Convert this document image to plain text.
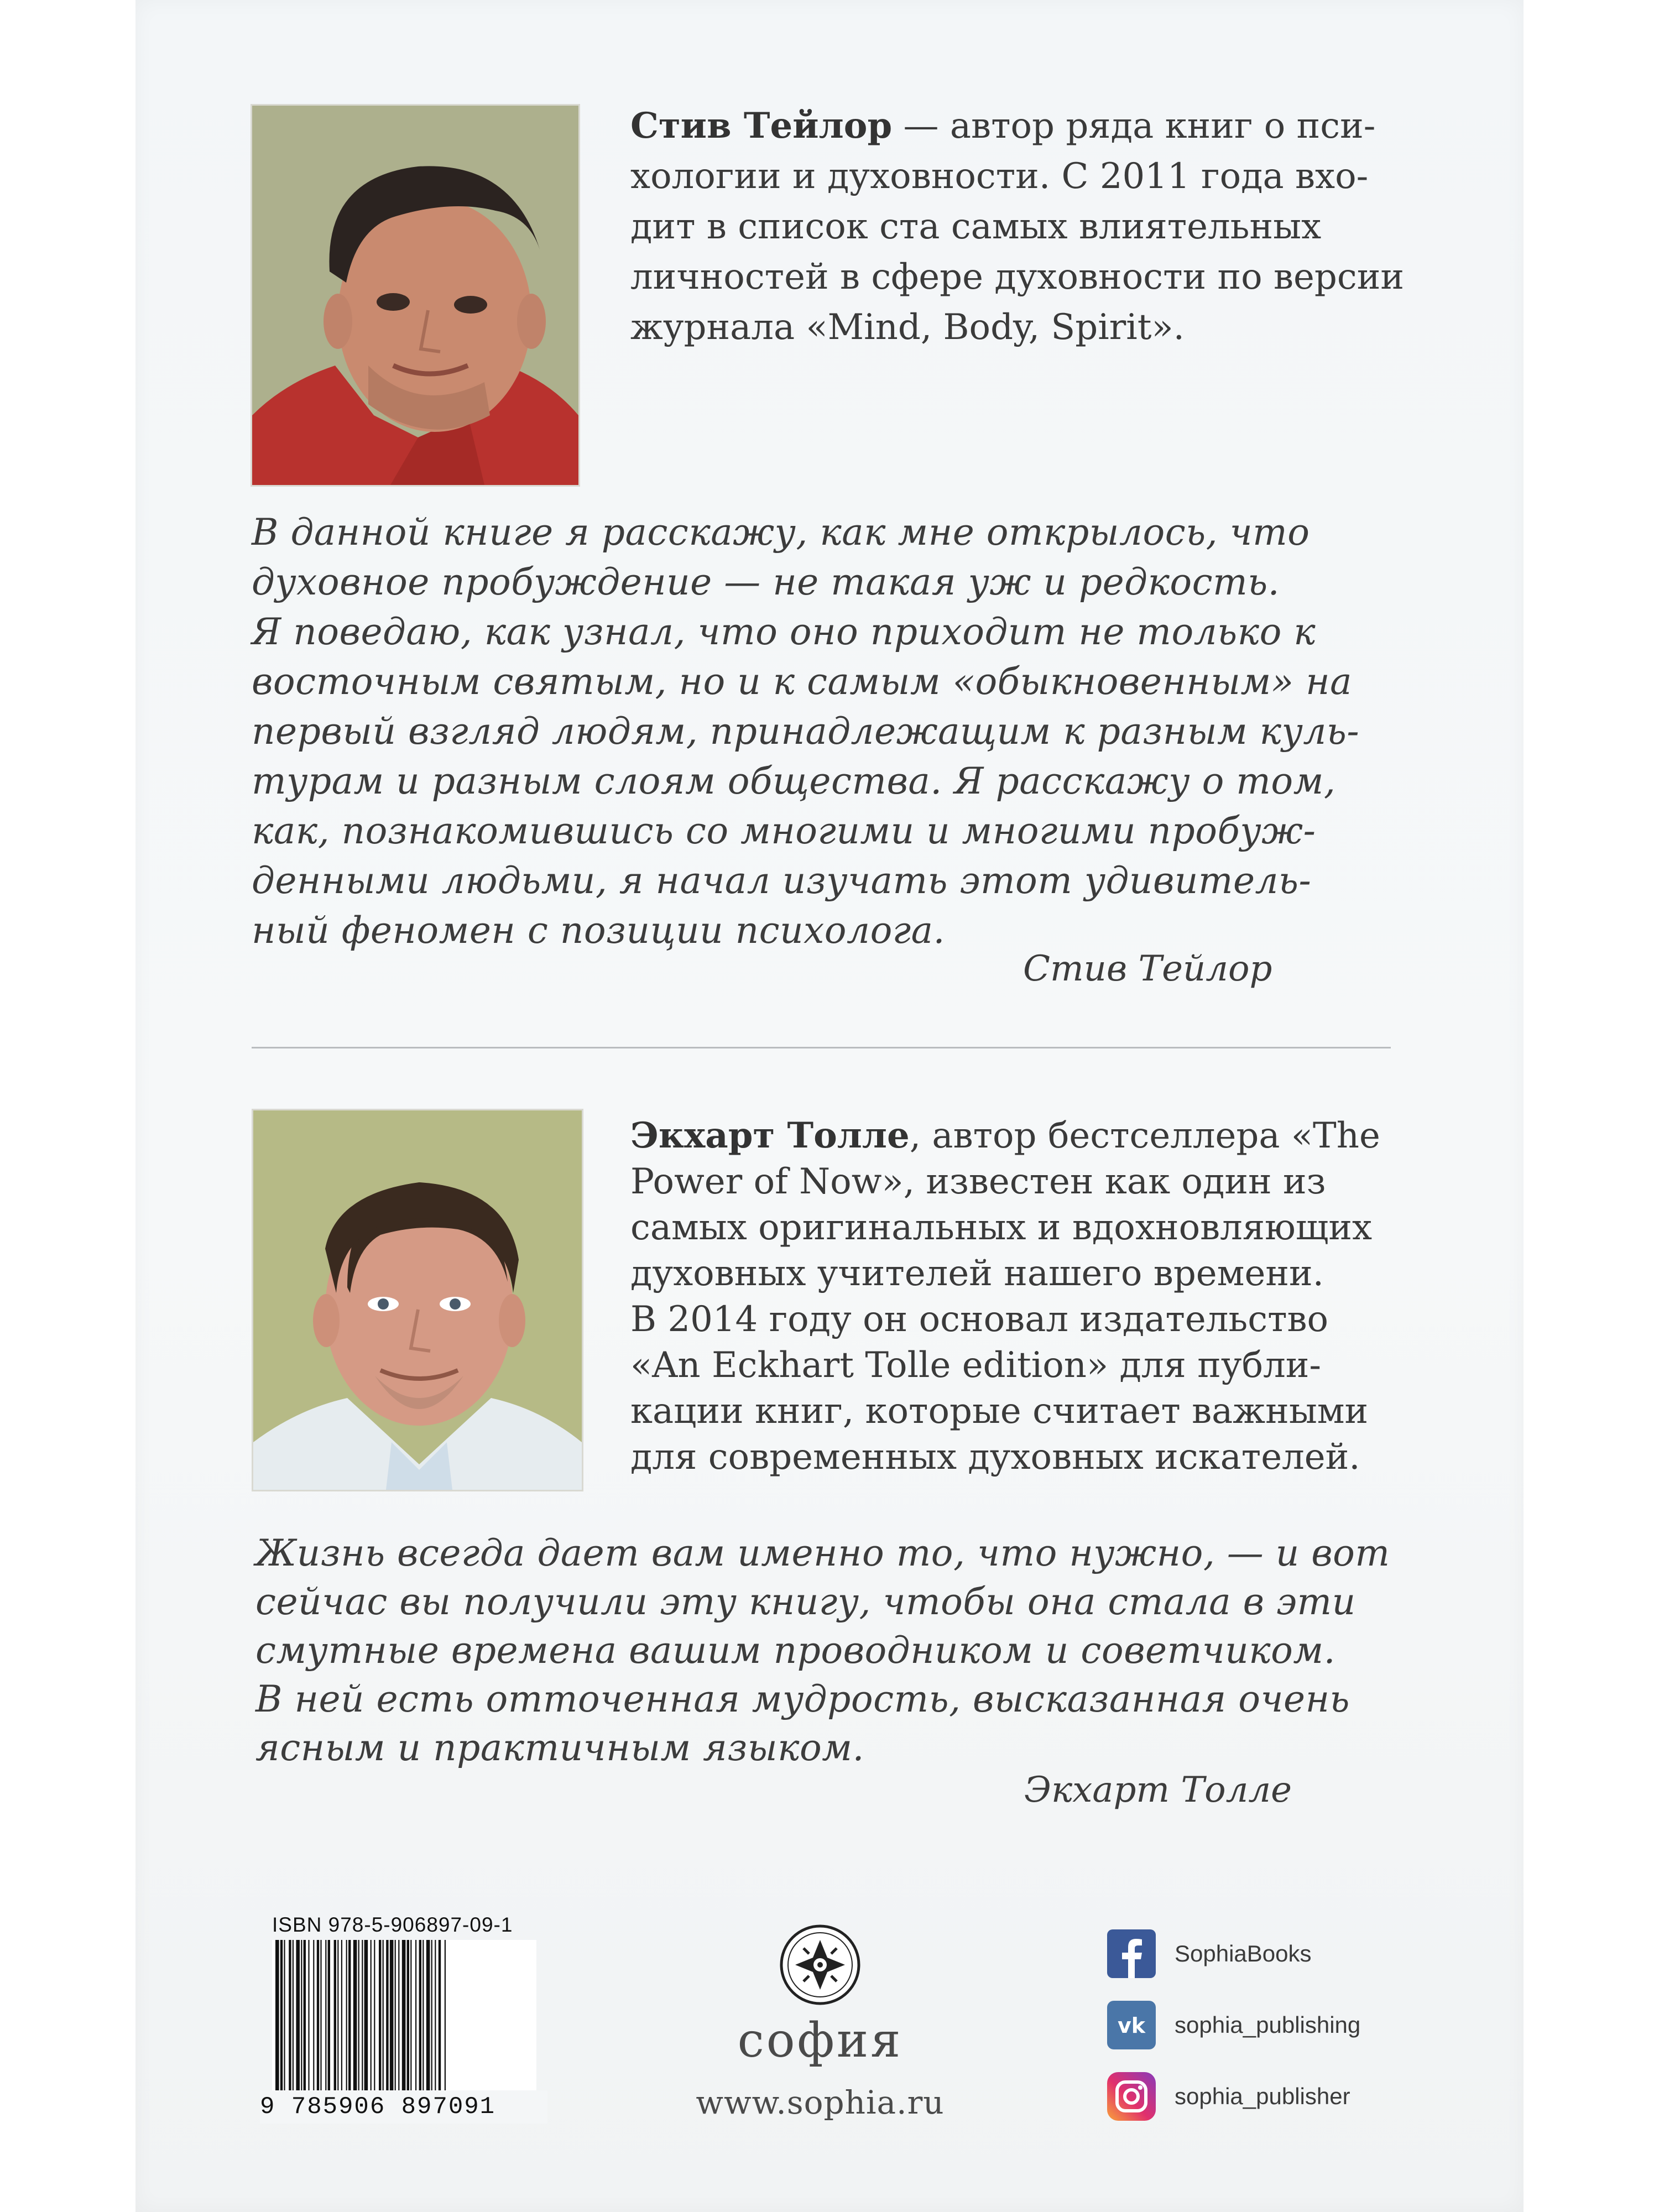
Стив Тейлор — автор ряда книг о пси-
хологии и духовности. С 2011 года вхо-
дит в список ста самых влиятельных
личностей в сфере духовности по версии
журнала «Mind, Body, Spirit».

В данной книге я расскажу, как мне открылось, что
духовное пробуждение — не такая уж и редкость.
Я поведаю, как узнал, что оно приходит не только к
восточным святым, но и к самым «обыкновенным» на
первый взгляд людям, принадлежащим к разным куль-
турам и разным слоям общества. Я расскажу о том,
как, познакомившись со многими и многими пробуж-
денными людьми, я начал изучать этот удивитель-
ный феномен с позиции психолога.

Стив Тейлор

Экхарт Толле, автор бестселлера «The
Power of Now», известен как один из
самых оригинальных и вдохновляющих
духовных учителей нашего времени.
В 2014 году он основал издательство
«An Eckhart Tolle edition» для публи-
кации книг, которые считает важными
для современных духовных искателей.

Жизнь всегда дает вам именно то, что нужно, — и вот
сейчас вы получили эту книгу, чтобы она стала в эти
смутные времена вашим проводником и советчиком.
В ней есть отточенная мудрость, высказанная очень
ясным и практичным языком.

Экхарт Толле

ISBN 978-5-906897-09-1
9 785906 897091
софия
www.sophia.ru
SophiaBooks
vk sophia_publishing
sophia_publisher
